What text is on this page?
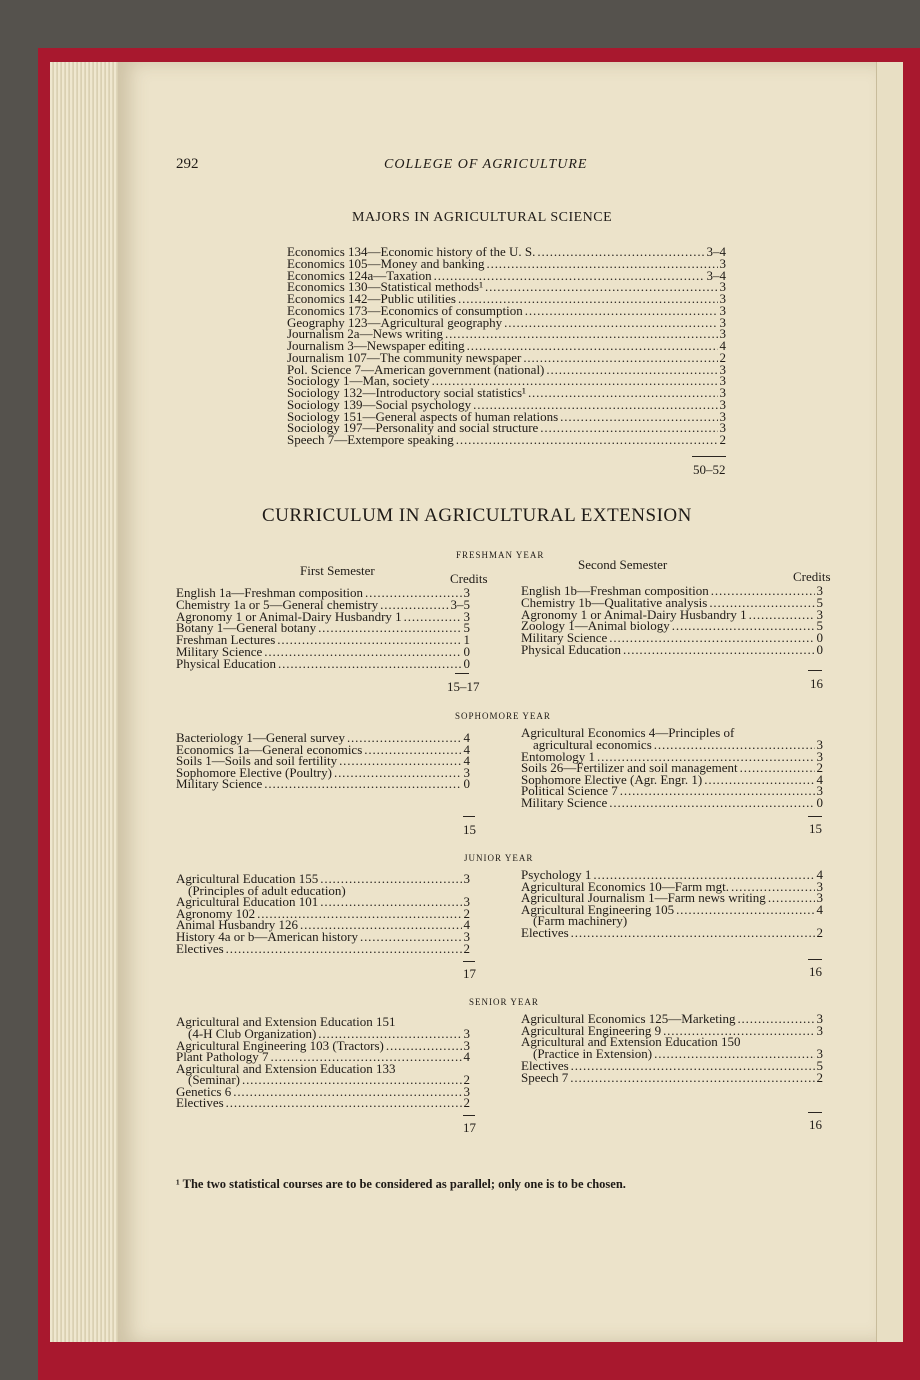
292	COLLEGE OF AGRICULTURE
MAJORS IN AGRICULTURAL SCIENCE
Economics 134—Economic history of the U. S. . . .	3–4
Economics 105—Money and banking . . .	3
Economics 124a—Taxation . . .	3–4
Economics 130—Statistical methods¹ . . .	3
Economics 142—Public utilities . . .	3
Economics 173—Economics of consumption . . .	3
Geography 123—Agricultural geography . . .	3
Journalism 2a—News writing . . .	3
Journalism 3—Newspaper editing . . .	4
Journalism 107—The community newspaper . . .	2
Pol. Science 7—American government (national) . . .	3
Sociology 1—Man, society . . .	3
Sociology 132—Introductory social statistics¹ . . .	3
Sociology 139—Social psychology . . .	3
Sociology 151—General aspects of human relations . . .	3
Sociology 197—Personality and social structure . . .	3
Speech 7—Extempore speaking . . .	2
50–52
CURRICULUM IN AGRICULTURAL EXTENSION
FRESHMAN YEAR
First Semester	Second Semester
Credits	Credits
English 1a—Freshman composition . . .	3
Chemistry 1a or 5—General chemistry . . .	3–5
Agronomy 1 or Animal-Dairy Husbandry 1 . . .	3
Botany 1—General botany . . .	5
Freshman Lectures . . .	1
Military Science . . .	0
Physical Education . . .	0
English 1b—Freshman composition . . .	3
Chemistry 1b—Qualitative analysis . . .	5
Agronomy 1 or Animal-Dairy Husbandry 1 . . .	3
Zoology 1—Animal biology . . .	5
Military Science . . .	0
Physical Education . . .	0
15–17	16
SOPHOMORE YEAR
Bacteriology 1—General survey . . .	4
Economics 1a—General economics . . .	4
Soils 1—Soils and soil fertility . . .	4
Sophomore Elective (Poultry) . . .	3
Military Science . . .	0
Agricultural Economics 4—Principles of
agricultural economics . . .	3
Entomology 1 . . .	3
Soils 26—Fertilizer and soil management . . .	2
Sophomore Elective (Agr. Engr. 1) . . .	4
Political Science 7 . . .	3
Military Science . . .	0
15	15
JUNIOR YEAR
Agricultural Education 155 . . .	3
(Principles of adult education)
Agricultural Education 101 . . .	3
Agronomy 102 . . .	2
Animal Husbandry 126 . . .	4
History 4a or b—American history . . .	3
Electives . . .	2
Psychology 1 . . .	4
Agricultural Economics 10—Farm mgt. . . .	3
Agricultural Journalism 1—Farm news writing . . .	3
Agricultural Engineering 105 . . .	4
(Farm machinery)
Electives . . .	2
17	16
SENIOR YEAR
Agricultural and Extension Education 151
(4-H Club Organization) . . .	3
Agricultural Engineering 103 (Tractors) . . .	3
Plant Pathology 7 . . .	4
Agricultural and Extension Education 133
(Seminar) . . .	2
Genetics 6 . . .	3
Electives . . .	2
Agricultural Economics 125—Marketing . . .	3
Agricultural Engineering 9 . . .	3
Agricultural and Extension Education 150
(Practice in Extension) . . .	3
Electives . . .	5
Speech 7 . . .	2
17	16
¹ The two statistical courses are to be considered as parallel; only one is to be chosen.
